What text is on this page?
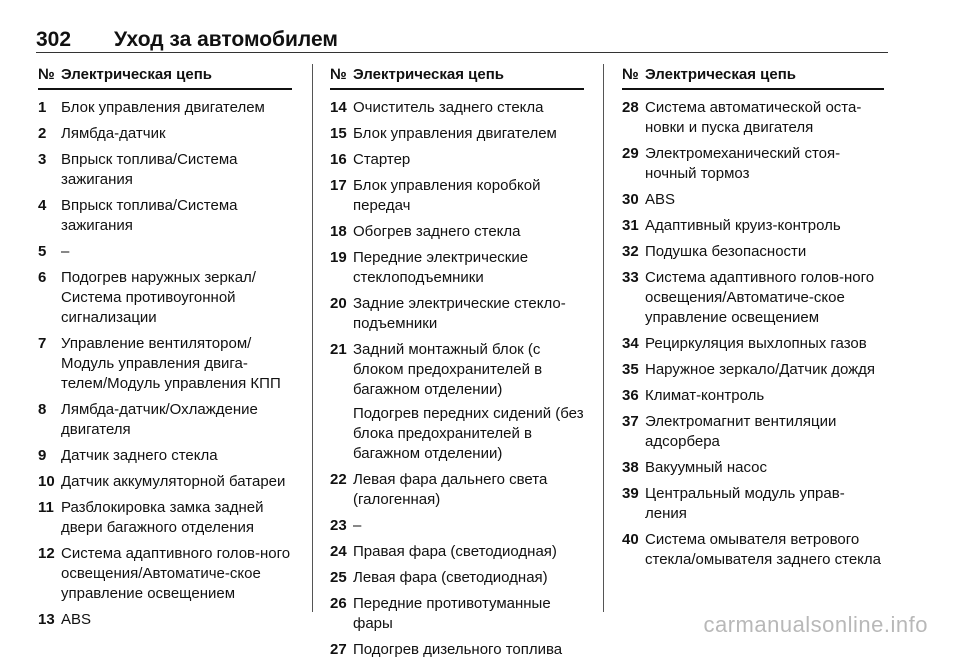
302 Уход за автомобилем
№ Электрическая цепь
1 Блок управления двигателем
2 Лямбда-датчик
3 Впрыск топлива/Система зажигания
4 Впрыск топлива/Система зажигания
5 –
6 Подогрев наружных зеркал/Система противоугонной сигнализации
7 Управление вентилятором/Модуль управления двига-телем/Модуль управления КПП
8 Лямбда-датчик/Охлаждение двигателя
9 Датчик заднего стекла
10 Датчик аккумуляторной батареи
11 Разблокировка замка задней двери багажного отделения
12 Система адаптивного голов-ного освещения/Автоматиче-ское управление освещением
13 ABS
№ Электрическая цепь
14 Очиститель заднего стекла
15 Блок управления двигателем
16 Стартер
17 Блок управления коробкой передач
18 Обогрев заднего стекла
19 Передние электрические стеклоподъемники
20 Задние электрические стекло-подъемники
21 Задний монтажный блок (с блоком предохранителей в багажном отделении)
Подогрев передних сидений (без блока предохранителей в багажном отделении)
22 Левая фара дальнего света (галогенная)
23 –
24 Правая фара (светодиодная)
25 Левая фара (светодиодная)
26 Передние противотуманные фары
27 Подогрев дизельного топлива
№ Электрическая цепь
28 Система автоматической оста-новки и пуска двигателя
29 Электромеханический стоя-ночный тормоз
30 ABS
31 Адаптивный круиз-контроль
32 Подушка безопасности
33 Система адаптивного голов-ного освещения/Автоматиче-ское управление освещением
34 Рециркуляция выхлопных газов
35 Наружное зеркало/Датчик дождя
36 Климат-контроль
37 Электромагнит вентиляции адсорбера
38 Вакуумный насос
39 Центральный модуль управ-ления
40 Система омывателя ветрового стекла/омывателя заднего стекла
carmanualsonline.info
